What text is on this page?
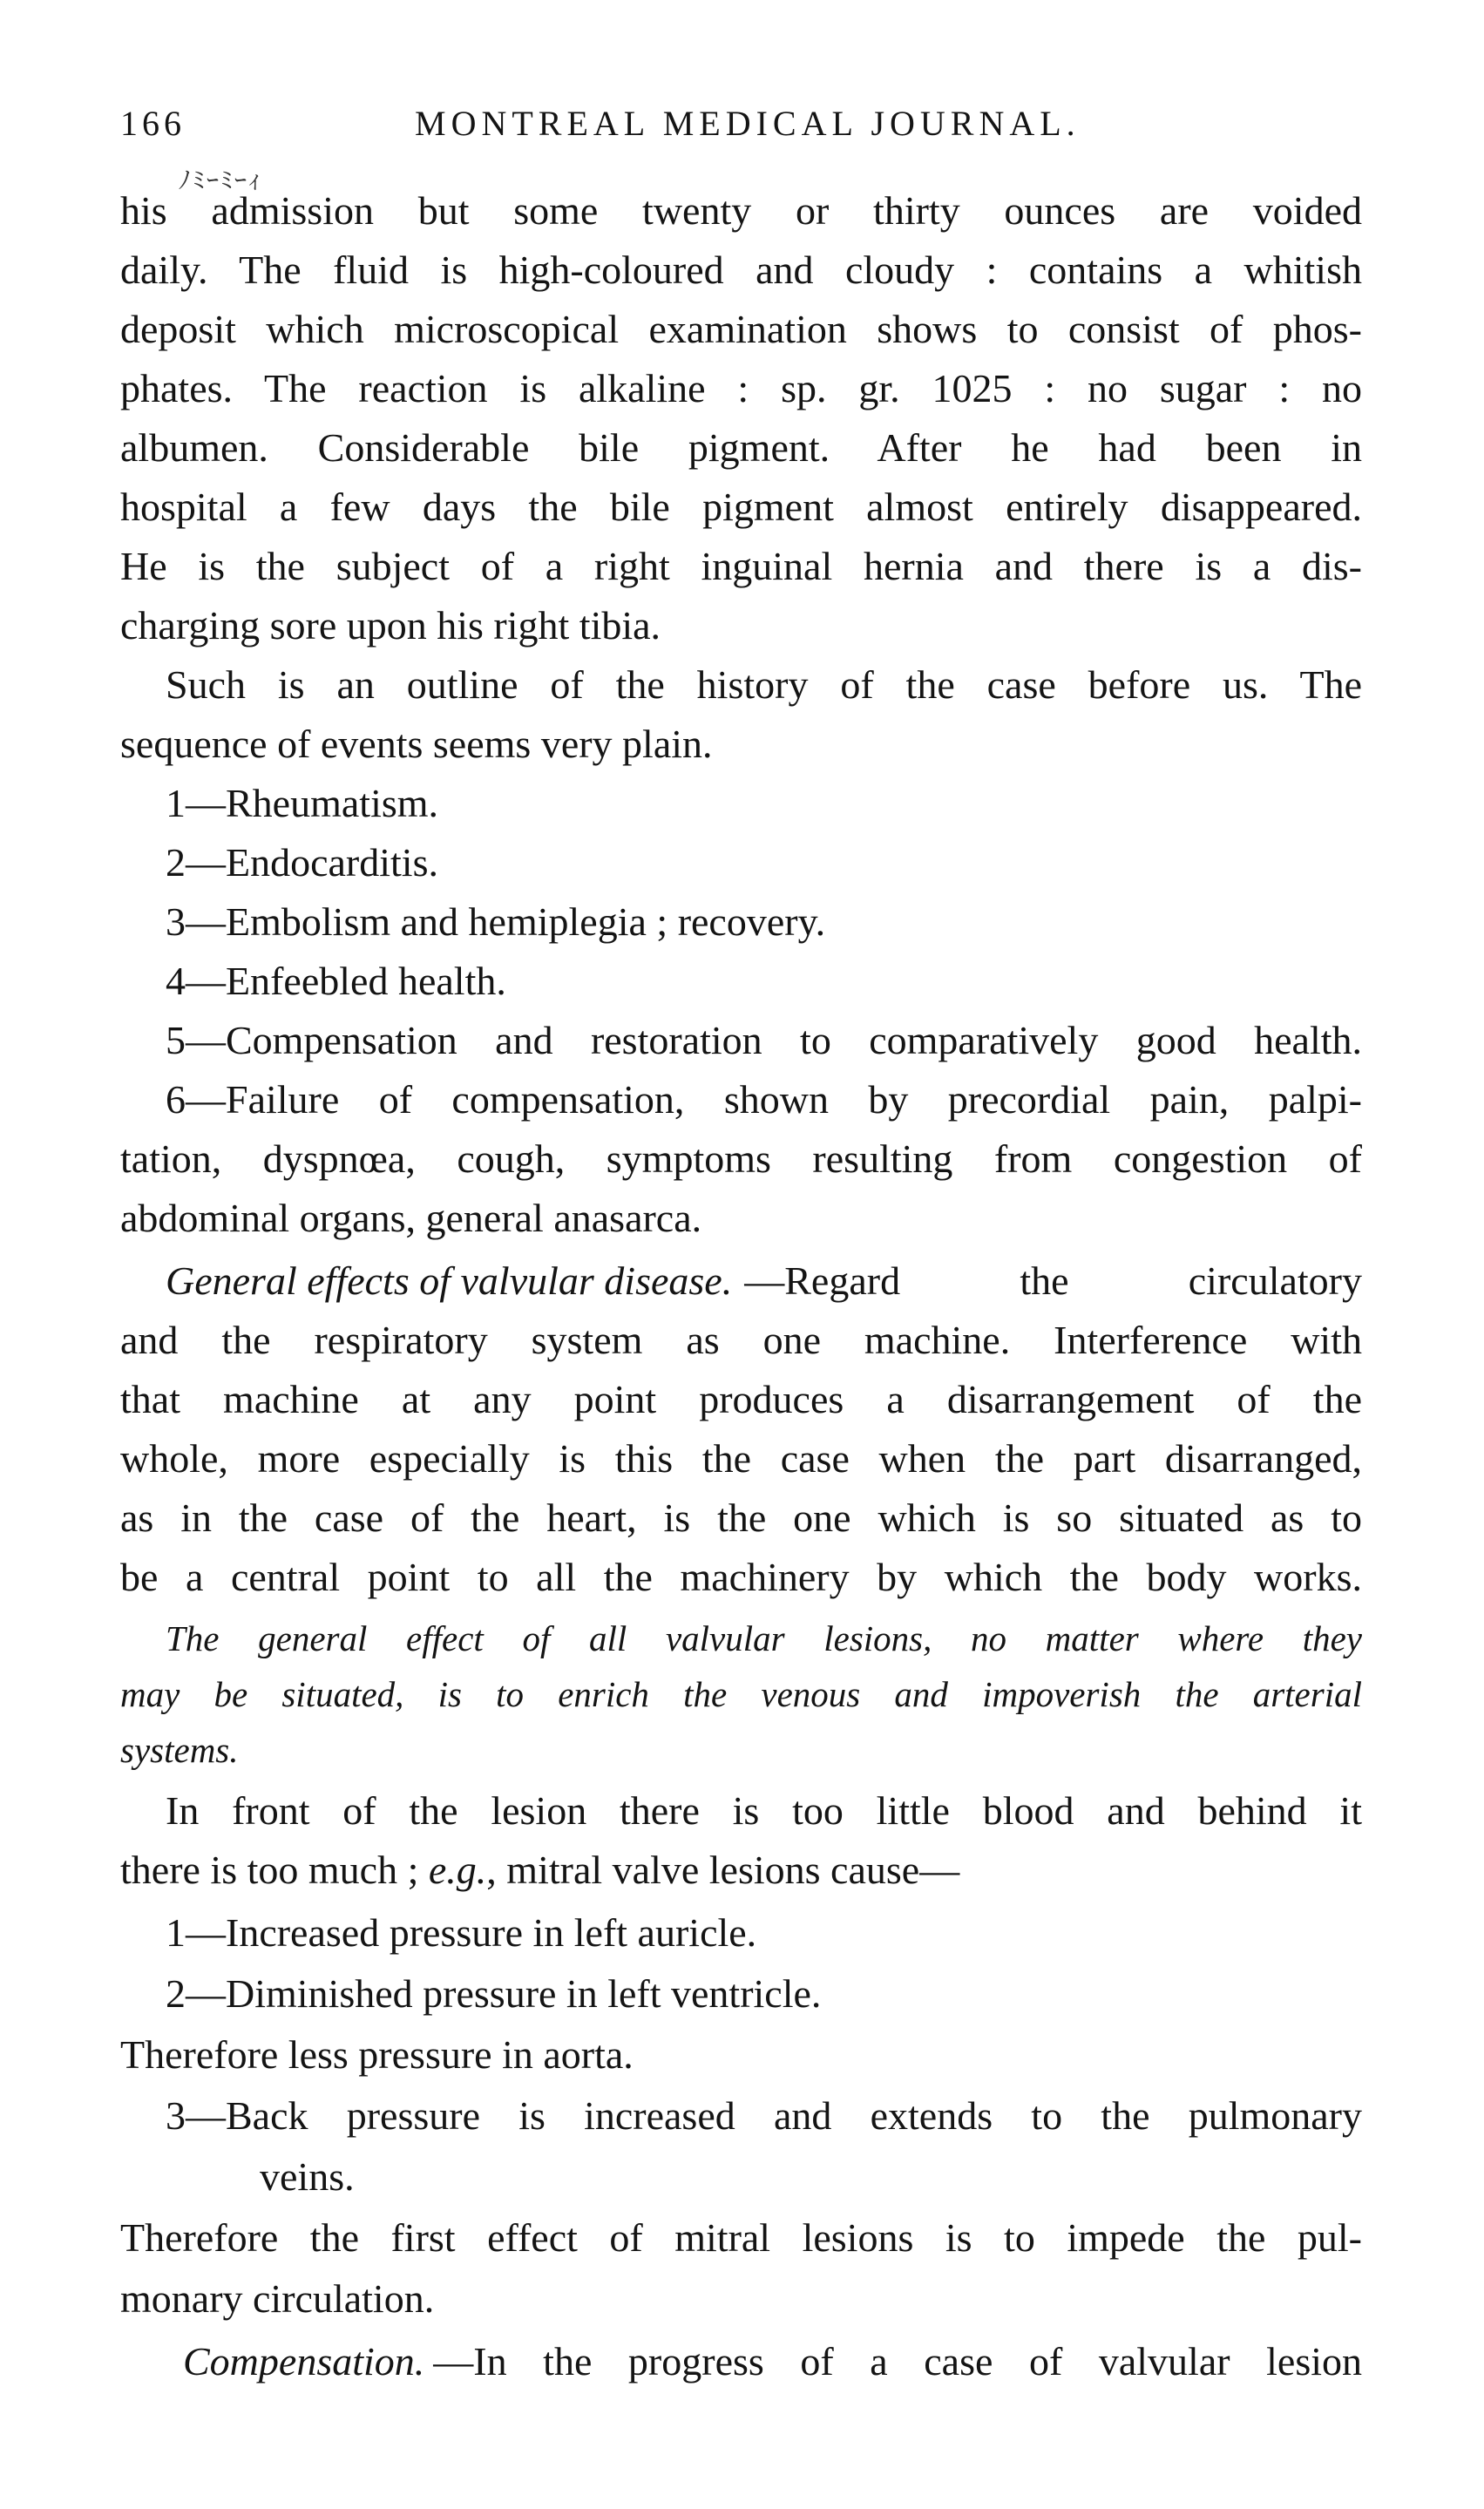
166	MONTREAL MEDICAL JOURNAL.
ﾉﾐｰﾐｰｨ
his admission but some twenty or thirty ounces are voided
daily. The fluid is high-coloured and cloudy : contains a whitish
deposit which microscopical examination shows to consist of phos-
phates. The reaction is alkaline : sp. gr. 1025 : no sugar : no
albumen. Considerable bile pigment. After he had been in
hospital a few days the bile pigment almost entirely disappeared.
He is the subject of a right inguinal hernia and there is a dis-
charging sore upon his right tibia.
Such is an outline of the history of the case before us. The
sequence of events seems very plain.
1—Rheumatism.
2—Endocarditis.
3—Embolism and hemiplegia ; recovery.
4—Enfeebled health.
5—Compensation and restoration to comparatively good health.
6—Failure of compensation, shown by precordial pain, palpi-
tation, dyspnœa, cough, symptoms resulting from congestion of
abdominal organs, general anasarca.
General effects of valvular disease. —Regard the circulatory
and the respiratory system as one machine. Interference with
that machine at any point produces a disarrangement of the
whole, more especially is this the case when the part disarranged,
as in the case of the heart, is the one which is so situated as to
be a central point to all the machinery by which the body works.
The general effect of all valvular lesions, no matter where they
may be situated, is to enrich the venous and impoverish the arterial
systems.
In front of the lesion there is too little blood and behind it
there is too much ; e.g., mitral valve lesions cause—
1—Increased pressure in left auricle.
2—Diminished pressure in left ventricle.
Therefore less pressure in aorta.
3—Back pressure is increased and extends to the pulmonary
veins.
Therefore the first effect of mitral lesions is to impede the pul-
monary circulation.
Compensation. —In the progress of a case of valvular lesion
